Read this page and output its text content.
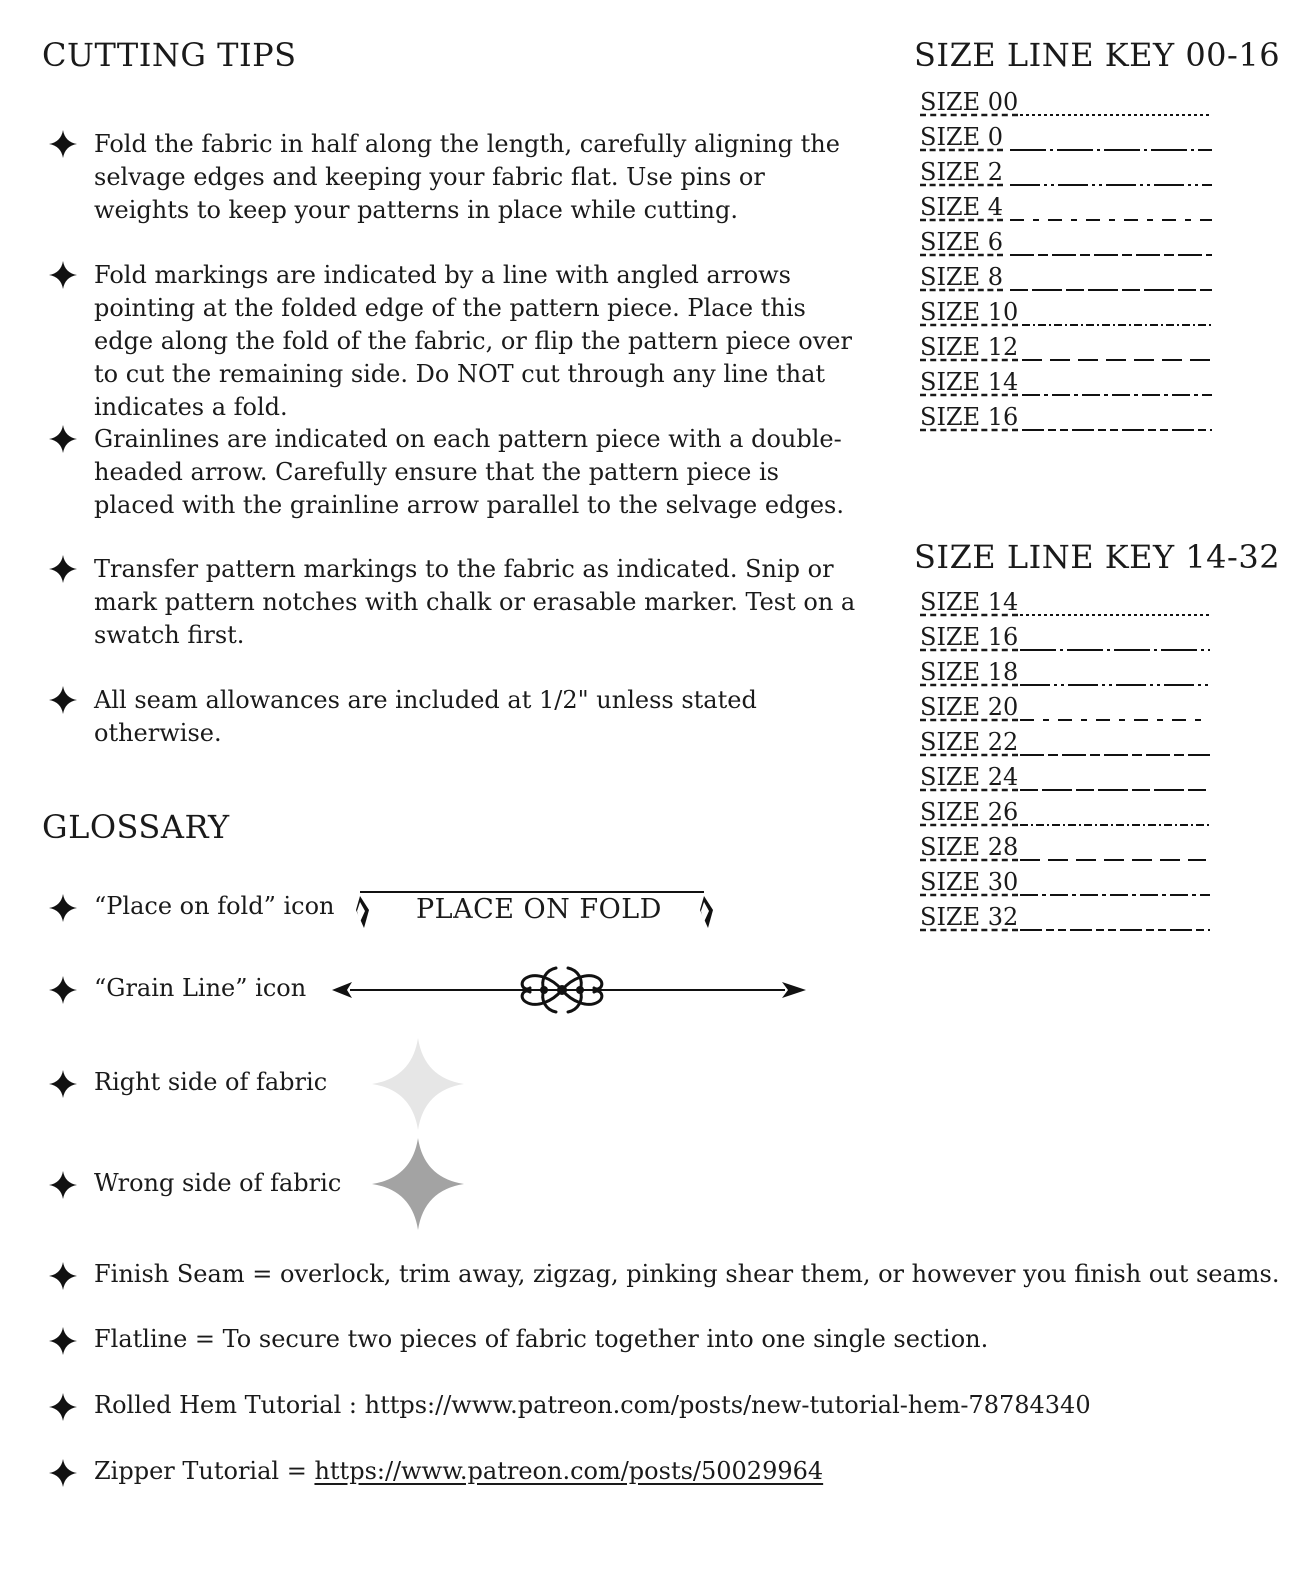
CUTTING TIPS
Fold the fabric in half along the length, carefully aligning the selvage edges and keeping your fabric flat. Use pins or weights to keep your patterns in place while cutting.
Fold markings are indicated by a line with angled arrows pointing at the folded edge of the pattern piece. Place this edge along the fold of the fabric, or flip the pattern piece over to cut the remaining side. Do NOT cut through any line that indicates a fold.
Grainlines are indicated on each pattern piece with a double-headed arrow. Carefully ensure that the pattern piece is placed with the grainline arrow parallel to the selvage edges.
Transfer pattern markings to the fabric as indicated. Snip or mark pattern notches with chalk or erasable marker. Test on a swatch first.
All seam allowances are included at 1/2" unless stated otherwise.
SIZE LINE KEY 00-16
SIZE 00
SIZE 0
SIZE 2
SIZE 4
SIZE 6
SIZE 8
SIZE 10
SIZE 12
SIZE 14
SIZE 16
SIZE LINE KEY 14-32
SIZE 14
SIZE 16
SIZE 18
SIZE 20
SIZE 22
SIZE 24
SIZE 26
SIZE 28
SIZE 30
SIZE 32
GLOSSARY
“Place on fold” icon	PLACE ON FOLD
“Grain Line” icon
Right side of fabric
Wrong side of fabric
Finish Seam = overlock, trim away, zigzag, pinking shear them, or however you finish out seams.
Flatline = To secure two pieces of fabric together into one single section.
Rolled Hem Tutorial : https://www.patreon.com/posts/new-tutorial-hem-78784340
Zipper Tutorial = https://www.patreon.com/posts/50029964
